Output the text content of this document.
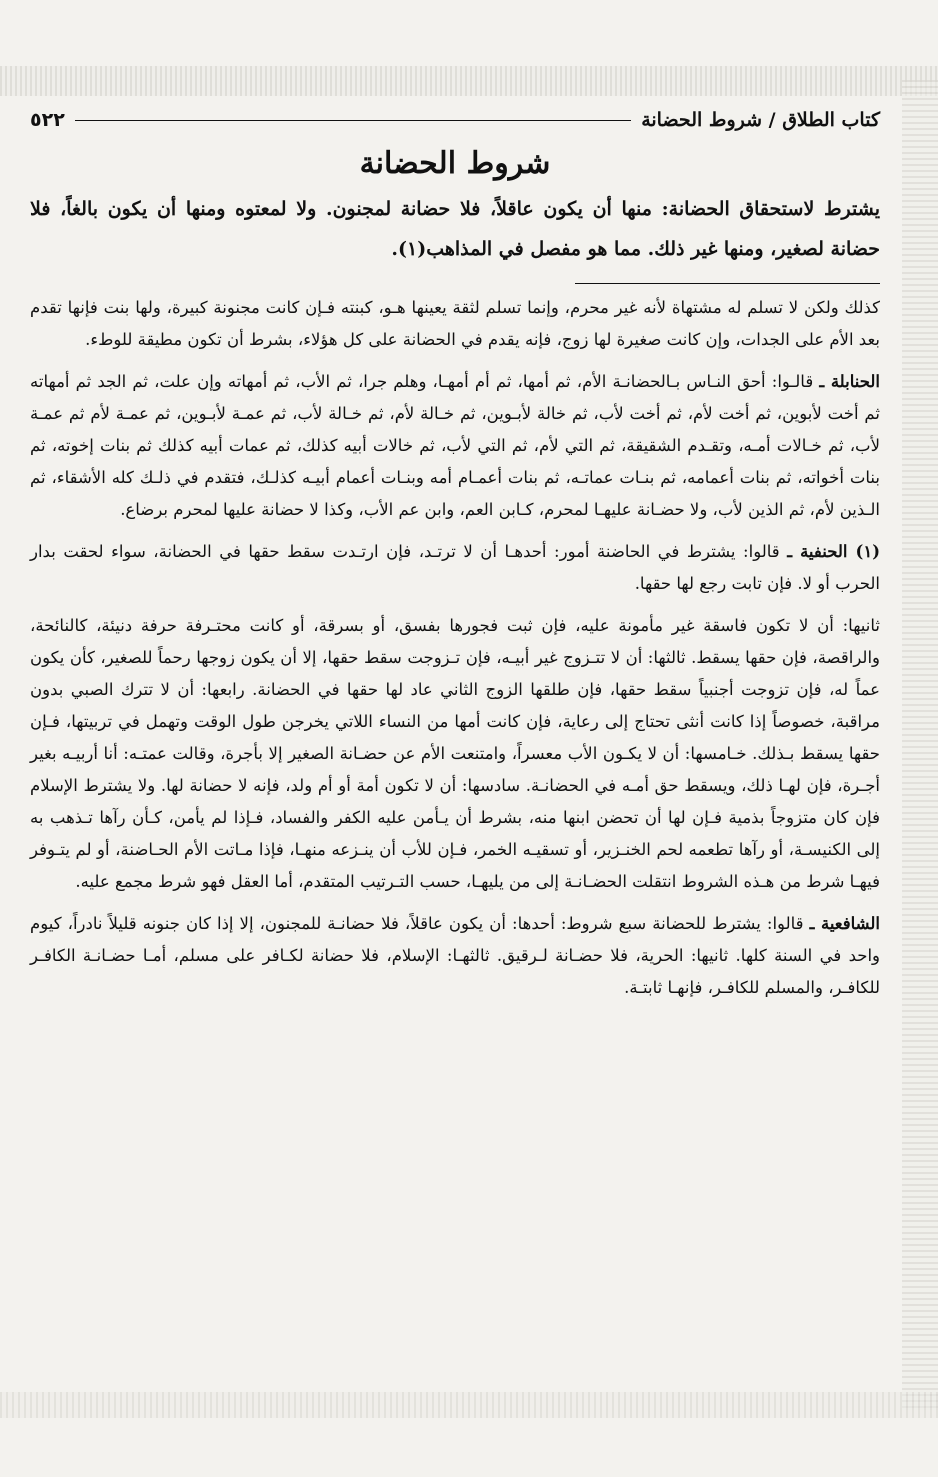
كتاب الطلاق / شروط الحضانة
٥٢٢
شروط الحضانة

يشترط لاستحقاق الحضانة: منها أن يكون عاقلاً، فلا حضانة لمجنون. ولا لمعتوه ومنها أن يكون بالغاً، فلا حضانة لصغير، ومنها غير ذلك. مما هو مفصل في المذاهب(١).

كذلك ولكن لا تسلم له مشتهاة لأنه غير محرم، وإنما تسلم لثقة يعينها هـو، كبنته فـإن كانت مجنونة كبيرة، ولها بنت فإنها تقدم بعد الأم على الجدات، وإن كانت صغيرة لها زوج، فإنه يقدم في الحضانة على كل هؤلاء، بشرط أن تكون مطيقة للوطء.

الحنابلة ـ قالـوا: أحق النـاس بـالحضانـة الأم، ثم أمها، ثم أم أمهـا، وهلم جرا، ثم الأب، ثم أمهاته وإن علت، ثم الجد ثم أمهاته ثم أخت لأبوين، ثم أخت لأم، ثم أخت لأب، ثم خالة لأبـوين، ثم خـالة لأم، ثم خـالة لأب، ثم عمـة لأبـوين، ثم عمـة لأم ثم عمـة لأب، ثم خـالات أمـه، وتقـدم الشقيقة، ثم التي لأم، ثم التي لأب، ثم خالات أبيه كذلك، ثم عمات أبيه كذلك ثم بنات إخوته، ثم بنات أخواته، ثم بنات أعمامه، ثم بنـات عماتـه، ثم بنات أعمـام أمه وبنـات أعمام أبيـه كذلـك، فتقدم في ذلـك كله الأشقاء، ثم الـذين لأم، ثم الذين لأب، ولا حضـانة عليهـا لمحرم، كـابن العم، وابن عم الأب، وكذا لا حضانة عليها لمحرم برضاع.

(١) الحنفية ـ قالوا: يشترط في الحاضنة أمور: أحدهـا أن لا ترتـد، فإن ارتـدت سقط حقها في الحضانة، سواء لحقت بدار الحرب أو لا. فإن تابت رجع لها حقها.

ثانيها: أن لا تكون فاسقة غير مأمونة عليه، فإن ثبت فجورها بفسق، أو بسرقة، أو كانت محتـرفة حرفة دنيئة، كالنائحة، والراقصة، فإن حقها يسقط. ثالثها: أن لا تتـزوج غير أبيـه، فإن تـزوجت سقط حقها، إلا أن يكون زوجها رحماً للصغير، كأن يكون عماً له، فإن تزوجت أجنبياً سقط حقها، فإن طلقها الزوج الثاني عاد لها حقها في الحضانة. رابعها: أن لا تترك الصبي بدون مراقبة، خصوصاً إذا كانت أنثى تحتاج إلى رعاية، فإن كانت أمها من النساء اللاتي يخرجن طول الوقت وتهمل في تربيتها، فـإن حقها يسقط بـذلك. خـامسها: أن لا يكـون الأب معسراً، وامتنعت الأم عن حضـانة الصغير إلا بأجرة، وقالت عمتـه: أنا أربيـه بغير أجـرة، فإن لهـا ذلك، ويسقط حق أمـه في الحضانـة. سادسها: أن لا تكون أمة أو أم ولد، فإنه لا حضانة لها. ولا يشترط الإسلام فإن كان متزوجاً بذمية فـإن لها أن تحضن ابنها منه، بشرط أن يـأمن عليه الكفر والفساد، فـإذا لم يأمن، كـأن رآها تـذهب به إلى الكنيسـة، أو رآها تطعمه لحم الخنـزير، أو تسقيـه الخمر، فـإن للأب أن ينـزعه منهـا، فإذا مـاتت الأم الحـاضنة، أو لم يتـوفر فيهـا شرط من هـذه الشروط انتقلت الحضـانـة إلى من يليهـا، حسب التـرتيب المتقدم، أما العقل فهو شرط مجمع عليه.

الشافعية ـ قالوا: يشترط للحضانة سبع شروط: أحدها: أن يكون عاقلاً، فلا حضانـة للمجنون، إلا إذا كان جنونه قليلاً نادراً، كيوم واحد في السنة كلها. ثانيها: الحرية، فلا حضـانة لـرقيق. ثالثهـا: الإسلام، فلا حضانة لكـافر على مسلم، أمـا حضـانـة الكافـر للكافـر، والمسلم للكافـر، فإنهـا ثابتـة.
